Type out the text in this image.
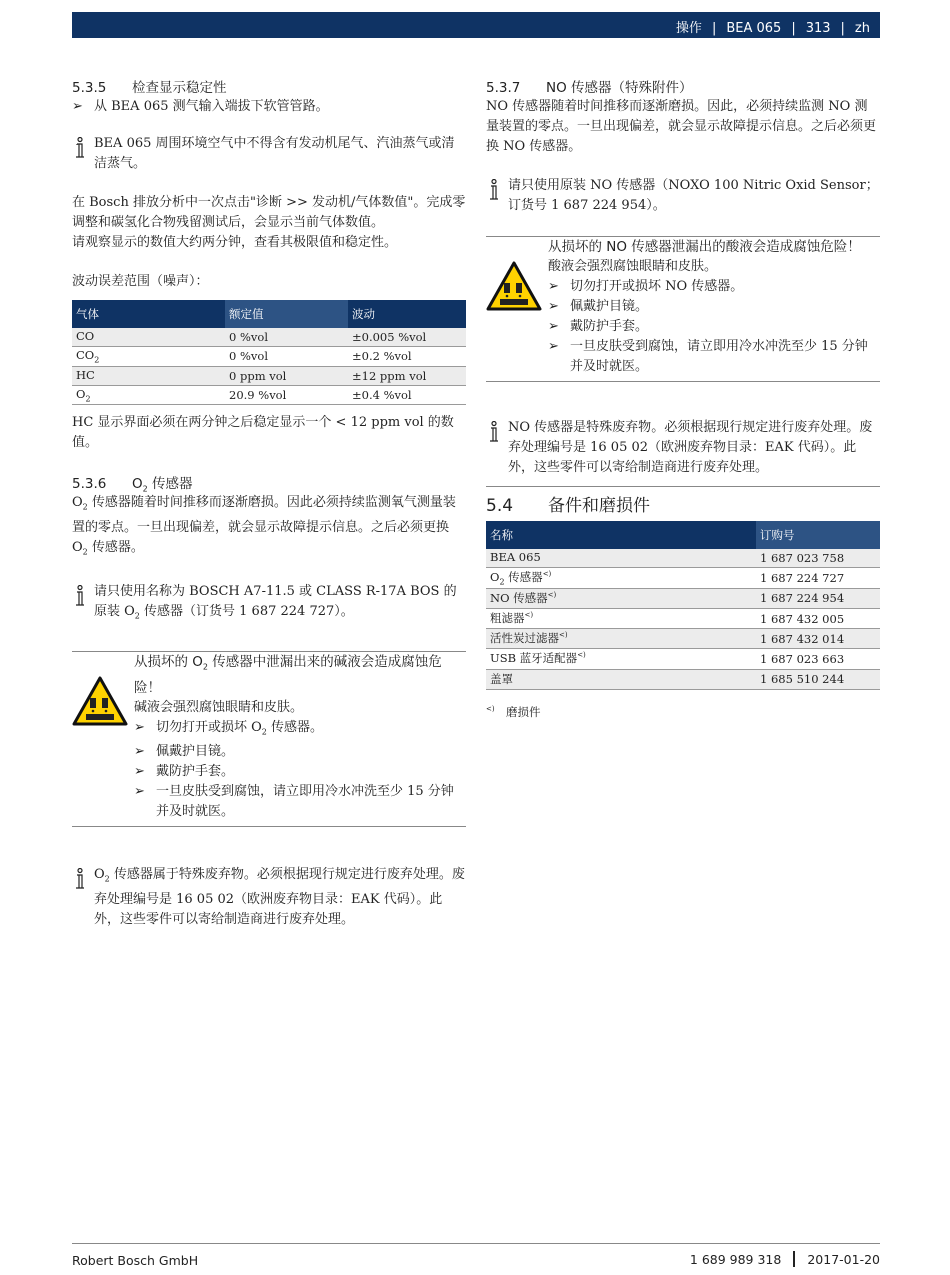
操作 | BEA 065 | 313 | zh
5.3.5 检查显示稳定性
➢ 从 BEA 065 测气输入端拔下软管管路。
BEA 065 周围环境空气中不得含有发动机尾气、汽油蒸气或清洁蒸气。

在 Bosch 排放分析中一次点击"诊断 >> 发动机/气体数值"。完成零调整和碳氢化合物残留测试后，会显示当前气体数值。

请观察显示的数值大约两分钟，查看其极限值和稳定性。

波动误差范围（噪声）：

气体	额定值	波动
CO	0 %vol	±0.005 %vol
$CO_2$	0 %vol	±0.2 %vol
HC	0 ppm vol	±12 ppm vol
$O_2$	20.9 %vol	±0.4 %vol

HC 显示界面必须在两分钟之后稳定显示一个 < 12 ppm vol 的数值。

5.3.6 $O_2$ 传感器

$O_2$ 传感器随着时间推移而逐渐磨损。因此必须持续监测氧气测量装置的零点。一旦出现偏差，就会显示故障提示信息。之后必须更换 $O_2$ 传感器。

请只使用名称为 BOSCH A7-11.5 或 CLASS R-17A BOS 的原装 $O_2$ 传感器（订货号 1 687 224 727）。
从损坏的 $O_2$ 传感器中泄漏出来的碱液会造成腐蚀危险！

碱液会强烈腐蚀眼睛和皮肤。

➢ 切勿打开或损坏 $O_2$ 传感器。
➢ 佩戴护目镜。
➢ 戴防护手套。
➢ 一旦皮肤受到腐蚀，请立即用冷水冲洗至少 15 分钟并及时就医。
$O_2$ 传感器属于特殊废弃物。必须根据现行规定进行废弃处理。废弃处理编号是 16 05 02（欧洲废弃物目录：EAK 代码）。此外，这些零件可以寄给制造商进行废弃处理。
5.3.7 NO 传感器（特殊附件）

NO 传感器随着时间推移而逐渐磨损。因此，必须持续监测 NO 测量装置的零点。一旦出现偏差，就会显示故障提示信息。之后必须更换 NO 传感器。

请只使用原装 NO 传感器（NOXO 100 Nitric Oxid Sensor；订货号 1 687 224 954）。
从损坏的 NO 传感器泄漏出的酸液会造成腐蚀危险！

酸液会强烈腐蚀眼睛和皮肤。

➢ 切勿打开或损坏 NO 传感器。
➢ 佩戴护目镜。
➢ 戴防护手套。
➢ 一旦皮肤受到腐蚀，请立即用冷水冲洗至少 15 分钟并及时就医。
NO 传感器是特殊废弃物。必须根据现行规定进行废弃处理。废弃处理编号是 16 05 02（欧洲废弃物目录：EAK 代码）。此外，这些零件可以寄给制造商进行废弃处理。
5.4 备件和磨损件
名称	订购号
BEA 065	1 687 023 758
$O_2$ 传感器<)	1 687 224 727
NO 传感器<)	1 687 224 954
粗滤器<)	1 687 432 005
活性炭过滤器<)	1 687 432 014
USB 蓝牙适配器<)	1 687 023 663
盖罩	1 685 510 244
<) 磨损件
Robert Bosch GmbH	1 689 989 318 2017-01-20
